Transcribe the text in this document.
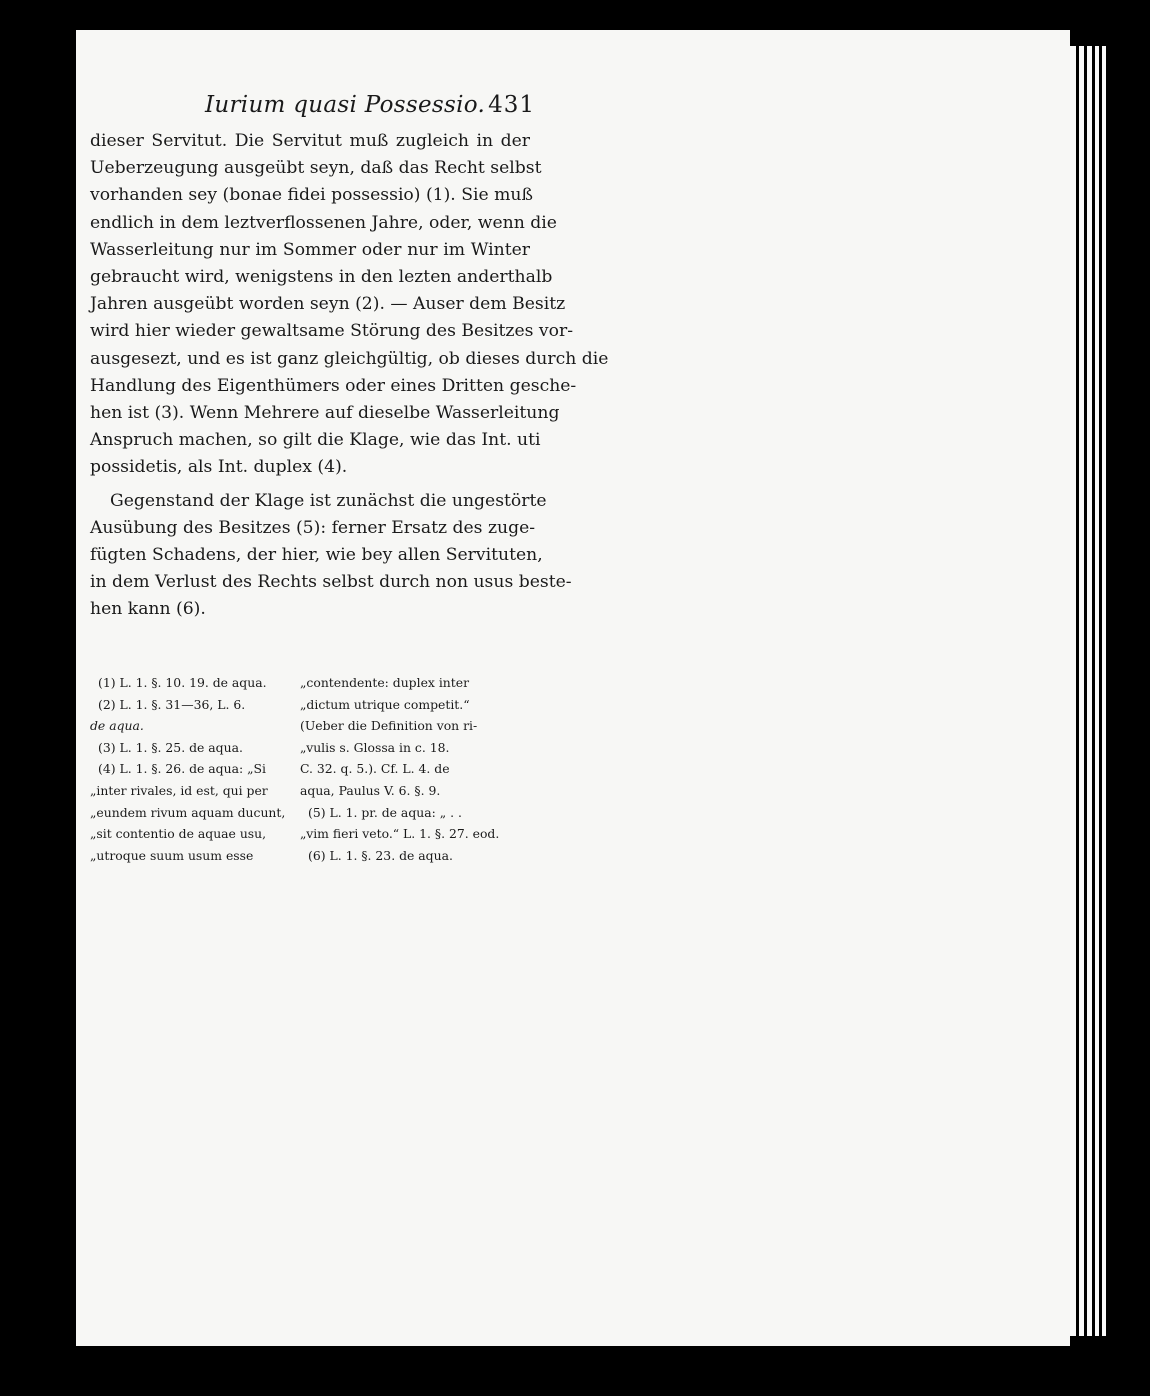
Iurium quasi Possessio. 431
dieser Servitut. Die Servitut muß zugleich in der
Ueberzeugung ausgeübt seyn, daß das Recht selbst
vorhanden sey (bonae fidei possessio) (1). Sie muß
endlich in dem leztverflossenen Jahre, oder, wenn die
Wasserleitung nur im Sommer oder nur im Winter
gebraucht wird, wenigstens in den lezten anderthalb
Jahren ausgeübt worden seyn (2). — Auser dem Besitz
wird hier wieder gewaltsame Störung des Besitzes vor-
ausgesezt, und es ist ganz gleichgültig, ob dieses durch die
Handlung des Eigenthümers oder eines Dritten gesche-
hen ist (3). Wenn Mehrere auf dieselbe Wasserleitung
Anspruch machen, so gilt die Klage, wie das Int. uti
possidetis, als Int. duplex (4).
Gegenstand der Klage ist zunächst die ungestörte
Ausübung des Besitzes (5): ferner Ersatz des zuge-
fügten Schadens, der hier, wie bey allen Servituten,
in dem Verlust des Rechts selbst durch non usus beste-
hen kann (6).
(1) L. 1. §. 10. 19. de aqua.
(2) L. 1. §. 31—36, L. 6.
de aqua.
(3) L. 1. §. 25. de aqua.
(4) L. 1. §. 26. de aqua: „Si
„inter rivales, id est, qui per
„eundem rivum aquam ducunt,
„sit contentio de aquae usu,
„utroque suum usum esse
„contendente: duplex inter
„dictum utrique competit.“
(Ueber die Definition von ri-
„vulis s. Glossa in c. 18.
C. 32. q. 5.). Cf. L. 4. de
aqua, Paulus V. 6. §. 9.
(5) L. 1. pr. de aqua: „ . .
„vim fieri veto.“ L. 1. §. 27. eod.
(6) L. 1. §. 23. de aqua.
